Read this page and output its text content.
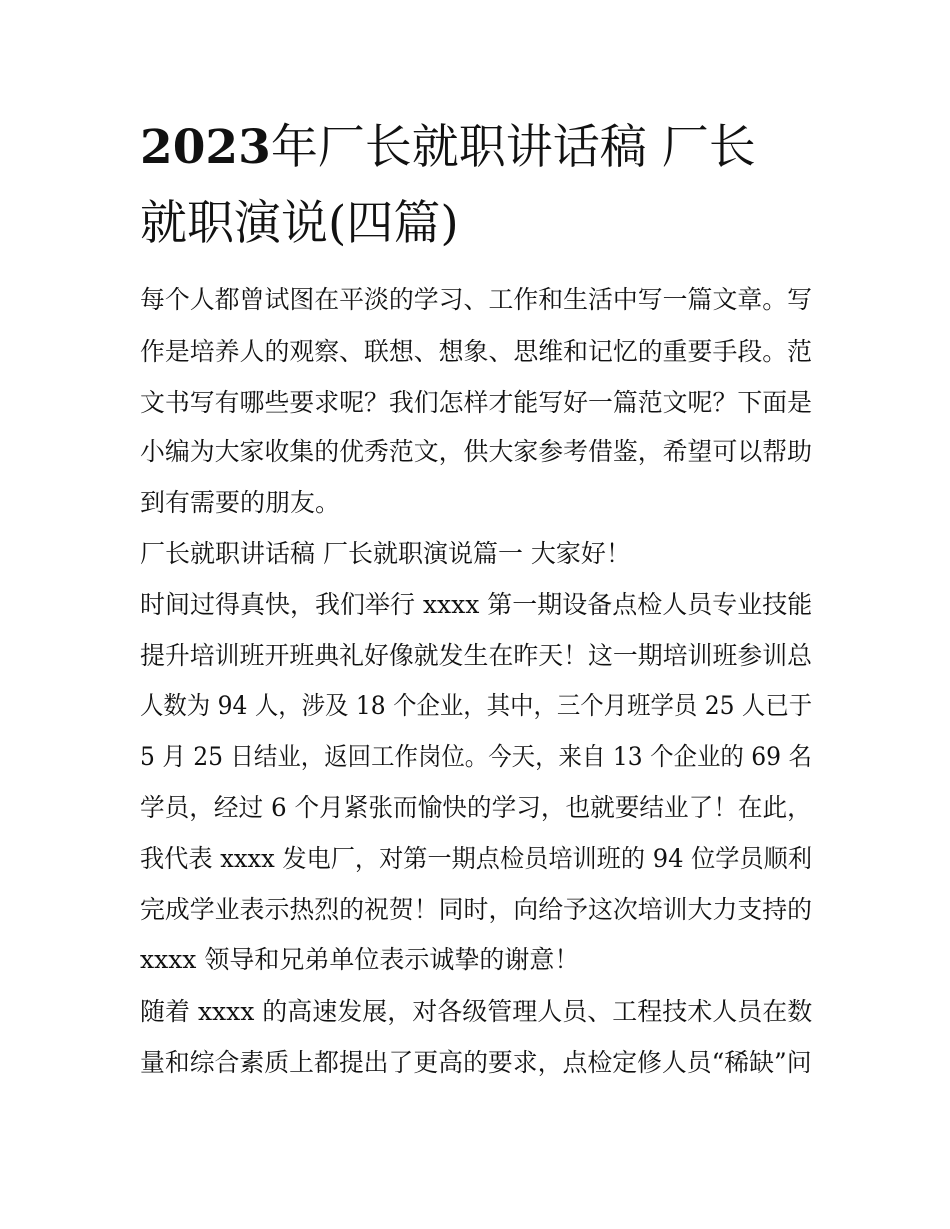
2023年厂长就职讲话稿 厂长
就职演说(四篇)
每个人都曾试图在平淡的学习、工作和生活中写一篇文章。写
作是培养人的观察、联想、想象、思维和记忆的重要手段。范
文书写有哪些要求呢？我们怎样才能写好一篇范文呢？下面是
小编为大家收集的优秀范文，供大家参考借鉴，希望可以帮助
到有需要的朋友。
厂长就职讲话稿 厂长就职演说篇一 大家好！
时间过得真快，我们举行 xxxx 第一期设备点检人员专业技能
提升培训班开班典礼好像就发生在昨天！这一期培训班参训总
人数为 94 人，涉及 18 个企业，其中，三个月班学员 25 人已于
5 月 25 日结业，返回工作岗位。今天，来自 13 个企业的 69 名
学员，经过 6 个月紧张而愉快的学习，也就要结业了！在此，
我代表 xxxx 发电厂，对第一期点检员培训班的 94 位学员顺利
完成学业表示热烈的祝贺！同时，向给予这次培训大力支持的
xxxx 领导和兄弟单位表示诚挚的谢意！
随着 xxxx 的高速发展，对各级管理人员、工程技术人员在数
量和综合素质上都提出了更高的要求，点检定修人员“稀缺”问
